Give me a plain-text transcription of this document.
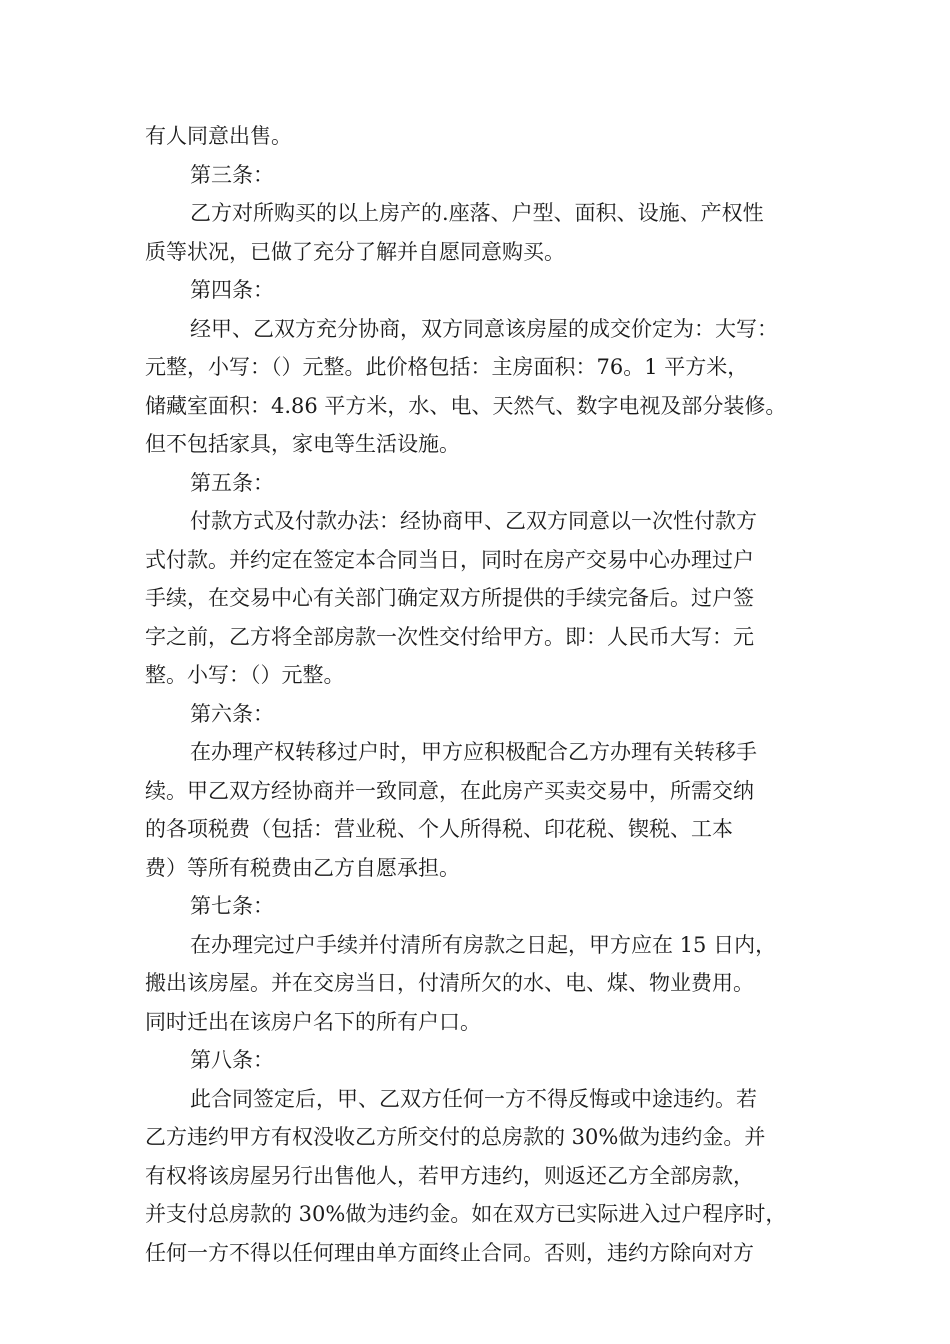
有人同意出售。
第三条：
乙方对所购买的以上房产的.座落、户型、面积、设施、产权性
质等状况，已做了充分了解并自愿同意购买。
第四条：
经甲、乙双方充分协商，双方同意该房屋的成交价定为：大写：
元整，小写：（）元整。此价格包括：主房面积：76。1 平方米，
储藏室面积：4.86 平方米，水、电、天然气、数字电视及部分装修。
但不包括家具，家电等生活设施。
第五条：
付款方式及付款办法：经协商甲、乙双方同意以一次性付款方
式付款。并约定在签定本合同当日，同时在房产交易中心办理过户
手续，在交易中心有关部门确定双方所提供的手续完备后。过户签
字之前，乙方将全部房款一次性交付给甲方。即：人民币大写：元
整。小写：（）元整。
第六条：
在办理产权转移过户时，甲方应积极配合乙方办理有关转移手
续。甲乙双方经协商并一致同意，在此房产买卖交易中，所需交纳
的各项税费（包括：营业税、个人所得税、印花税、锲税、工本
费）等所有税费由乙方自愿承担。
第七条：
在办理完过户手续并付清所有房款之日起，甲方应在 15 日内，
搬出该房屋。并在交房当日，付清所欠的水、电、煤、物业费用。
同时迁出在该房户名下的所有户口。
第八条：
此合同签定后，甲、乙双方任何一方不得反悔或中途违约。若
乙方违约甲方有权没收乙方所交付的总房款的 30%做为违约金。并
有权将该房屋另行出售他人，若甲方违约，则返还乙方全部房款，
并支付总房款的 30%做为违约金。如在双方已实际进入过户程序时，
任何一方不得以任何理由单方面终止合同。否则，违约方除向对方
